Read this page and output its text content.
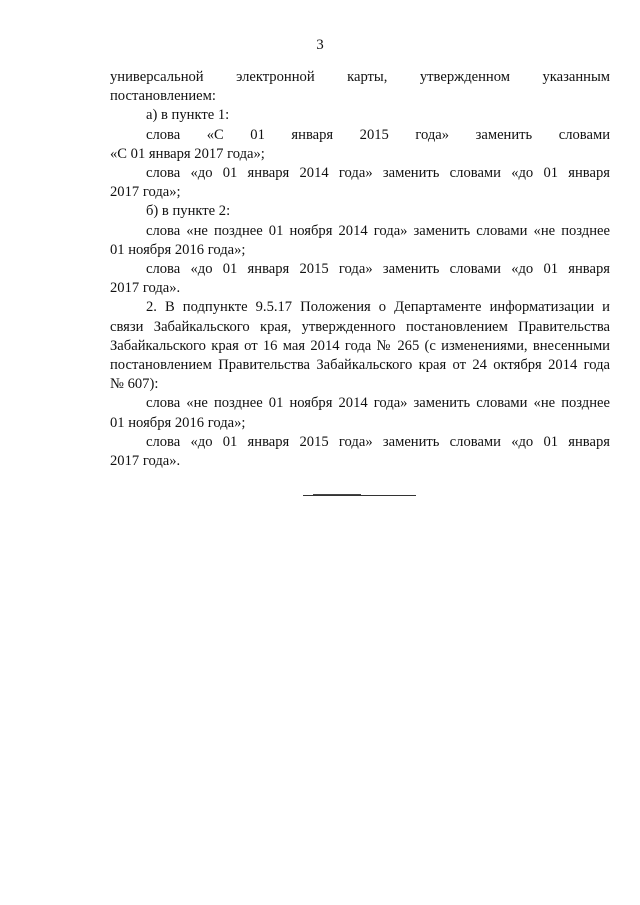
3
универсальной электронной карты, утвержденном указанным
постановлением:
а) в пункте 1:
слова «С 01 января 2015 года» заменить словами
«С 01 января 2017 года»;
слова «до 01 января 2014 года» заменить словами «до 01 января
2017 года»;
б) в пункте 2:
слова «не позднее 01 ноября 2014 года» заменить словами «не позднее
01 ноября 2016 года»;
слова «до 01 января 2015 года» заменить словами «до 01 января
2017 года».
2. В подпункте 9.5.17 Положения о Департаменте информатизации и
связи Забайкальского края, утвержденного постановлением Правительства
Забайкальского края от 16 мая 2014 года № 265 (с изменениями, внесенными
постановлением Правительства Забайкальского края от 24 октября 2014 года
№ 607):
слова «не позднее 01 ноября 2014 года» заменить словами «не позднее
01 ноября 2016 года»;
слова «до 01 января 2015 года» заменить словами «до 01 января
2017 года».
